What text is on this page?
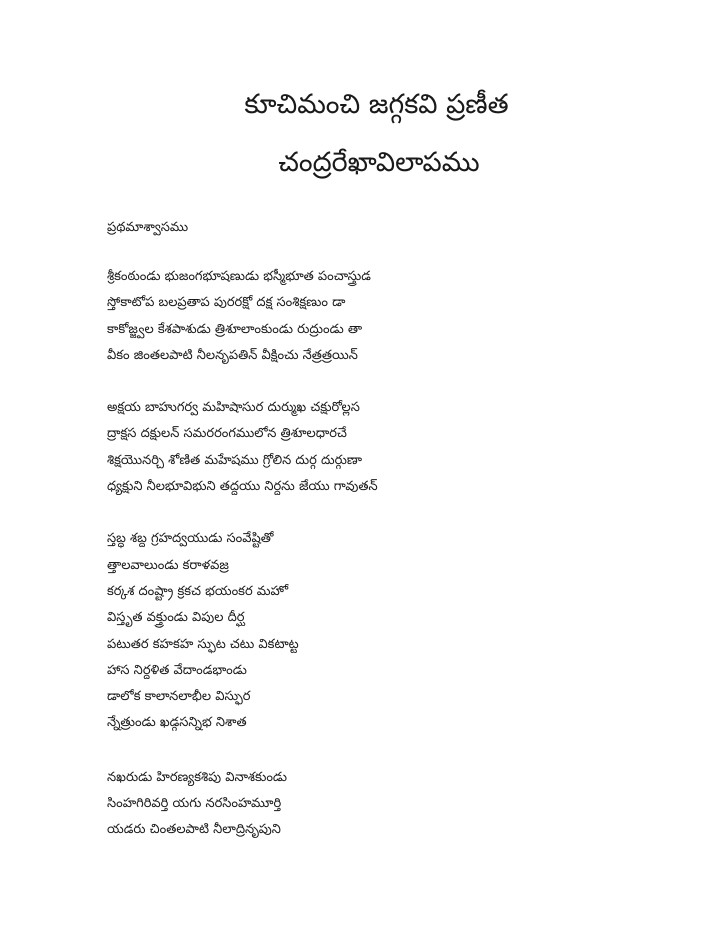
కూచిమంచి జగ్గకవి ప్రణీత
చంద్రరేఖావిలాపము
ప్రథమాశ్వాసము
శ్రీకంఠుండు భుజంగభూషణుడు భస్మీభూత పంచాస్త్రుడ
స్తోకాటోప బలప్రతాప పురరక్షో దక్ష సంశిక్షణుం డా
కాకోజ్జ్వల కేశపాశుడు త్రిశూలాంకుండు రుద్రుండు తా
వీకం జింతలపాటి నీలనృపతిన్ వీక్షించు నేత్రత్రయిన్
అక్షయ బాహుగర్వ మహిషాసుర దుర్ముఖ చక్షురోల్లస
ద్రాక్షస దక్షులన్ సమరరంగములోన త్రిశూలధారచే
శిక్షయొనర్చి శోణిత మహేషము గ్రోలిన దుర్గ దుర్గుణా
ధ్యక్షుని నీలభూవిభుని తద్దయు నిర్దను జేయు గావుతన్
స్తబ్ధ శబ్ద గ్రహద్వయుడు సంవేష్టితో
త్తాలవాలుండు కరాళవజ్ర
కర్కశ దంష్ట్రా క్రకచ భయంకర మహో
విస్తృత వక్త్రుండు విపుల దీర్ఘ
పటుతర కహకహ స్ఫుట చటు వికటాట్ట
హాస నిర్దళిత వేదాండభాండు
డాలోక కాలానలాభీల విస్ఫుర
న్నేత్రుండు ఖడ్గసన్నిభ నిశాత
నఖరుడు హిరణ్యకశిపు వినాశకుండు
సింహగిరివర్తి యగు నరసింహమూర్తి
యడరు చింతలపాటి నీలాద్రినృపుని
